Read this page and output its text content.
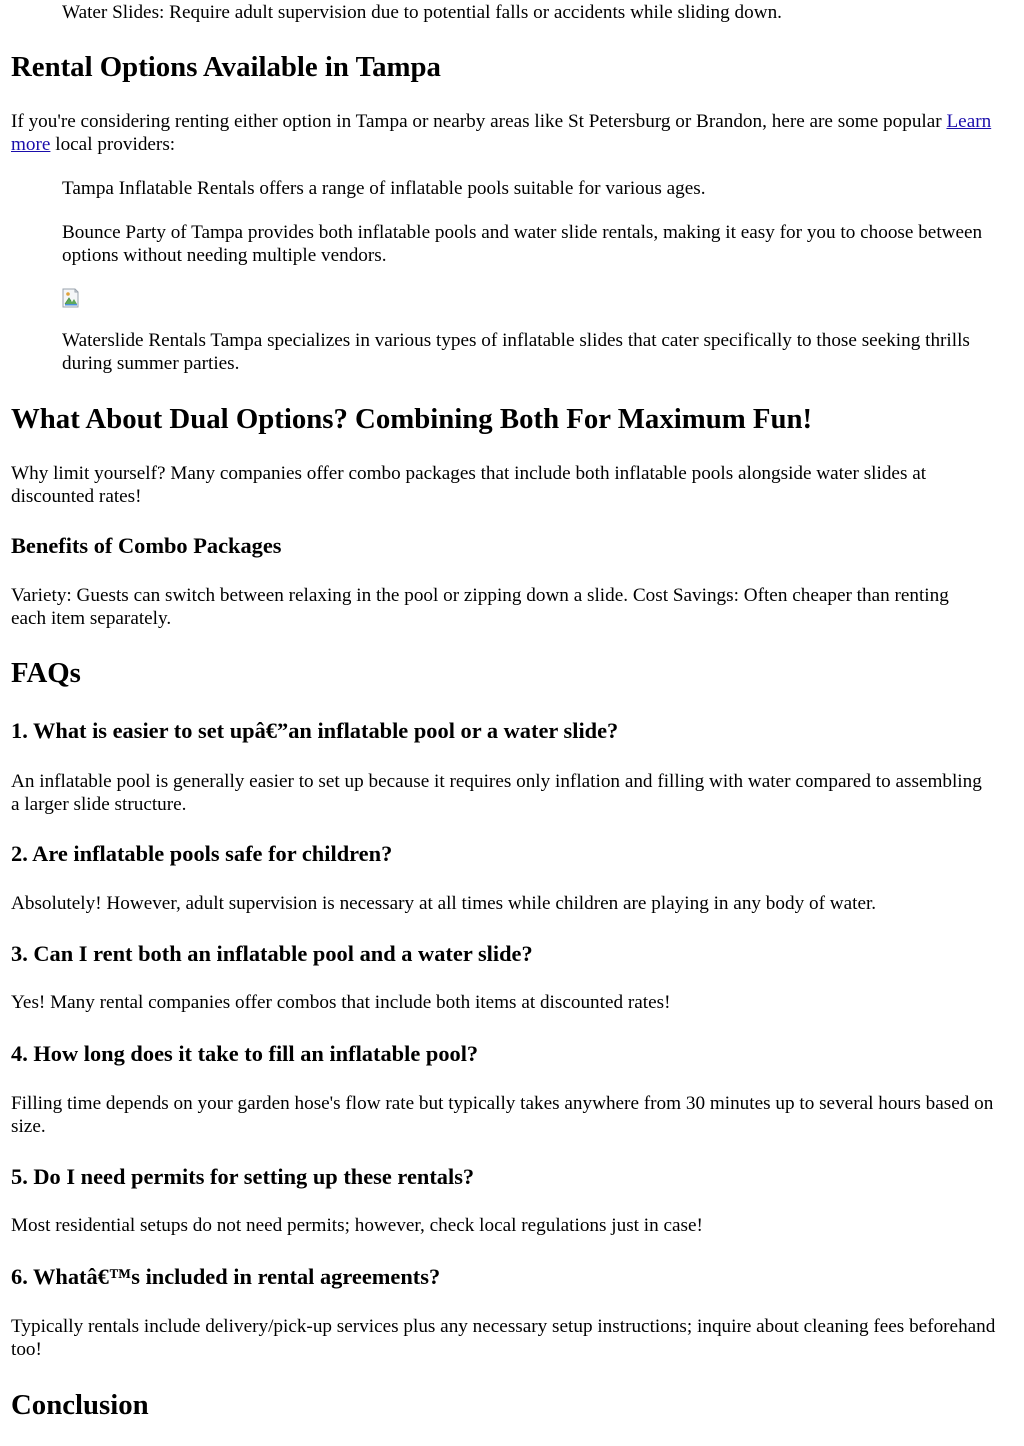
Water Slides: Require adult supervision due to potential falls or accidents while sliding down.

Rental Options Available in Tampa

If you're considering renting either option in Tampa or nearby areas like St Petersburg or Brandon, here are some popular Learn more local providers:

Tampa Inflatable Rentals offers a range of inflatable pools suitable for various ages.

Bounce Party of Tampa provides both inflatable pools and water slide rentals, making it easy for you to choose between options without needing multiple vendors.

Waterslide Rentals Tampa specializes in various types of inflatable slides that cater specifically to those seeking thrills during summer parties.

What About Dual Options? Combining Both For Maximum Fun!

Why limit yourself? Many companies offer combo packages that include both inflatable pools alongside water slides at discounted rates!

Benefits of Combo Packages

Variety: Guests can switch between relaxing in the pool or zipping down a slide. Cost Savings: Often cheaper than renting each item separately.

FAQs
1. What is easier to set upâ€”an inflatable pool or a water slide?

An inflatable pool is generally easier to set up because it requires only inflation and filling with water compared to assembling a larger slide structure.

2. Are inflatable pools safe for children?

Absolutely! However, adult supervision is necessary at all times while children are playing in any body of water.

3. Can I rent both an inflatable pool and a water slide?

Yes! Many rental companies offer combos that include both items at discounted rates!

4. How long does it take to fill an inflatable pool?

Filling time depends on your garden hose's flow rate but typically takes anywhere from 30 minutes up to several hours based on size.

5. Do I need permits for setting up these rentals?

Most residential setups do not need permits; however, check local regulations just in case!

6. Whatâ€™s included in rental agreements?

Typically rentals include delivery/pick-up services plus any necessary setup instructions; inquire about cleaning fees beforehand too!

Conclusion
